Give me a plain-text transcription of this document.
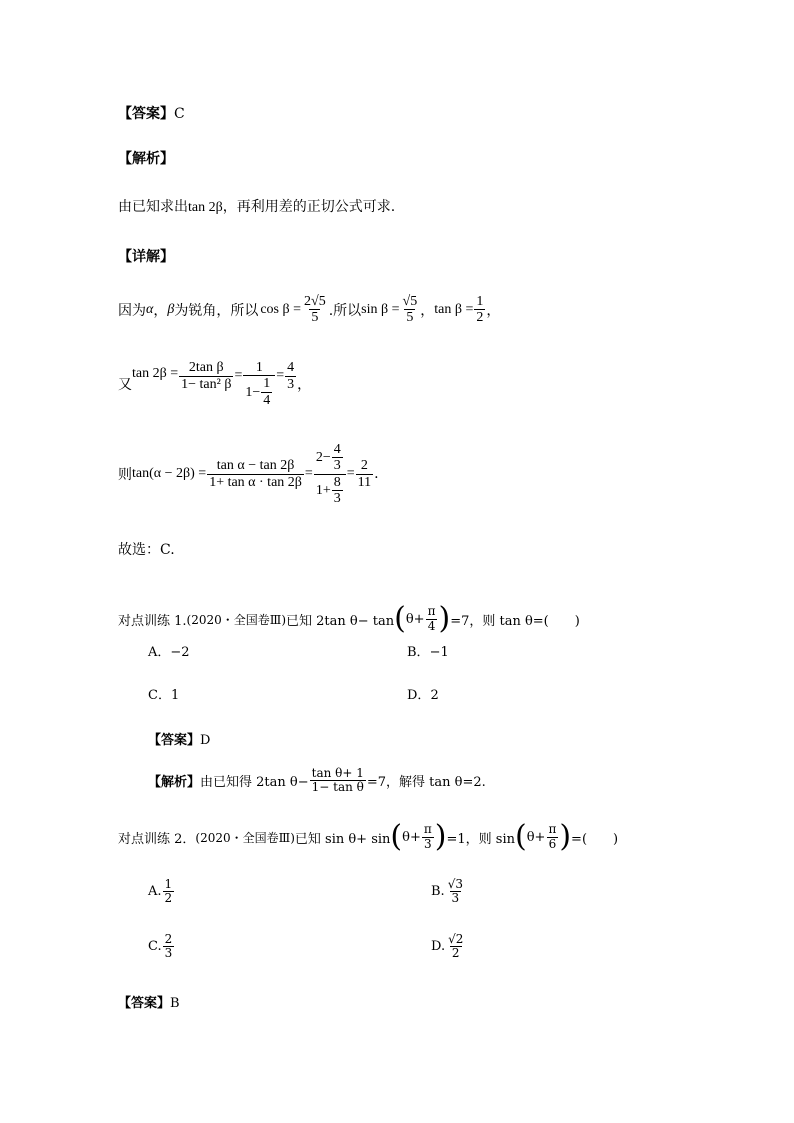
【答案】C
【解析】
由已知求出tan 2β，再利用差的正切公式可求.
【详解】
因为 α ， β 为锐角，所以 $\cos \beta = \frac{2√5}{5}$ .所以 $\sin \beta = \frac{√5}{5}$ ， $\tan \beta = \frac{1}{2}$ ，
又
$\tan 2\beta = \frac{\text{2tan β}}{\text{1− tan² β}} = \frac{1}{1- \frac{1}{4}} = \frac{4}{3}$ ，
则 $\tan(\alpha - 2\beta) = \frac{\text{tan α − tan 2β}}{\text{1+ tan α · tan 2β}} = \frac{2- \frac{4}{3}}{1+ \frac{8}{3}} = \frac{2}{11}$ .
故选：C.
对点训练 1. (2020・全国卷Ⅲ) 已知 2tan θ− tan ( $\theta+ \frac{\pi}{4}$ ) =7，则 tan θ=(　　)
A．−2	B．−1
C．1	D．2
【答案】D
【解析】 由已知得 2tan $\theta- \frac{\text{tan θ+ 1}}{\text{1− tan θ}} =7$，解得 tan θ=2.
对点训练 2． (2020・全国卷Ⅲ) 已知 sin θ+ sin ( $\theta+ \frac{\pi}{3}$ ) =1，则 sin ( $\theta+ \frac{\pi}{6}$ ) =(　　)
A. $\frac{1}{2}$	B. $\frac{√3}{3}$
C. $\frac{2}{3}$	D. $\frac{√2}{2}$
【答案】B
